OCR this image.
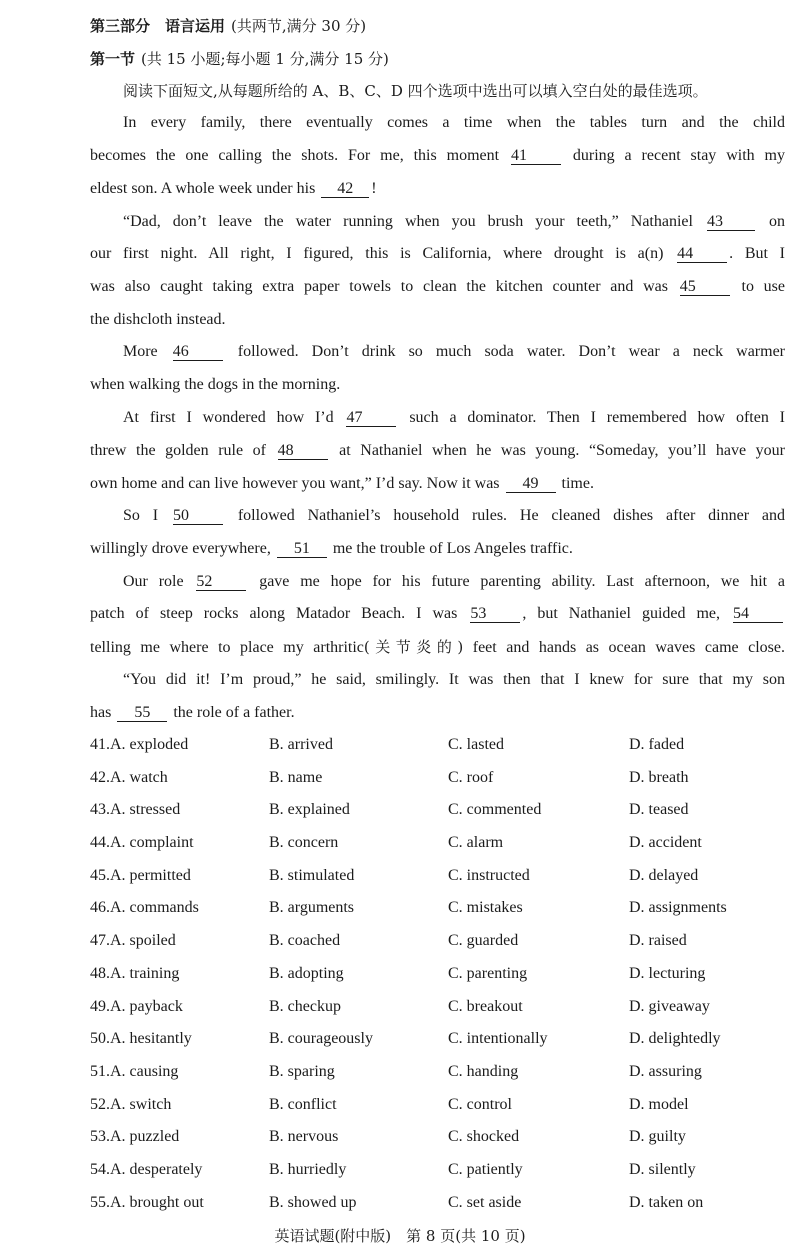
第三部分　语言运用 (共两节,满分 30 分)
第一节 (共 15 小题;每小题 1 分,满分 15 分)
阅读下面短文,从每题所给的 A、B、C、D 四个选项中选出可以填入空白处的最佳选项。
In every family, there eventually comes a time when the tables turn and the child
becomes the one calling the shots. For me, this moment 41	during a recent stay with my
eldest son. A whole week under his 42 !
“Dad, don’t leave the water running when you brush your teeth,” Nathaniel 43	on
our first night. All right, I figured, this is California, where drought is a(n) 44 . But I
was also caught taking extra paper towels to clean the kitchen counter and was 45	to use
the dishcloth instead.
More 46	followed. Don’t drink so much soda water. Don’t wear a neck warmer
when walking the dogs in the morning.
At first I wondered how I’d 47	such a dominator. Then I remembered how often I
threw the golden rule of 48	at Nathaniel when he was young. “Someday, you’ll have your
own home and can live however you want,” I’d say. Now it was 49 time.
So I 50	followed Nathaniel’s household rules. He cleaned dishes after dinner and
willingly drove everywhere, 51 me the trouble of Los Angeles traffic.
Our role 52	gave me hope for his future parenting ability. Last afternoon, we hit a
patch of steep rocks along Matador Beach. I was 53 , but Nathaniel guided me, 54
telling me where to place my arthritic(关节炎的) feet and hands as ocean waves came close.
“You did it! I’m proud,” he said, smilingly. It was then that I knew for sure that my son
has 55 the role of a father.
41.A. exploded	B. arrived	C. lasted	D. faded
42.A. watch	B. name	C. roof	D. breath
43.A. stressed	B. explained	C. commented	D. teased
44.A. complaint	B. concern	C. alarm	D. accident
45.A. permitted	B. stimulated	C. instructed	D. delayed
46.A. commands	B. arguments	C. mistakes	D. assignments
47.A. spoiled	B. coached	C. guarded	D. raised
48.A. training	B. adopting	C. parenting	D. lecturing
49.A. payback	B. checkup	C. breakout	D. giveaway
50.A. hesitantly	B. courageously	C. intentionally	D. delightedly
51.A. causing	B. sparing	C. handing	D. assuring
52.A. switch	B. conflict	C. control	D. model
53.A. puzzled	B. nervous	C. shocked	D. guilty
54.A. desperately	B. hurriedly	C. patiently	D. silently
55.A. brought out	B. showed up	C. set aside	D. taken on
英语试题(附中版)　第 8 页(共 10 页)
